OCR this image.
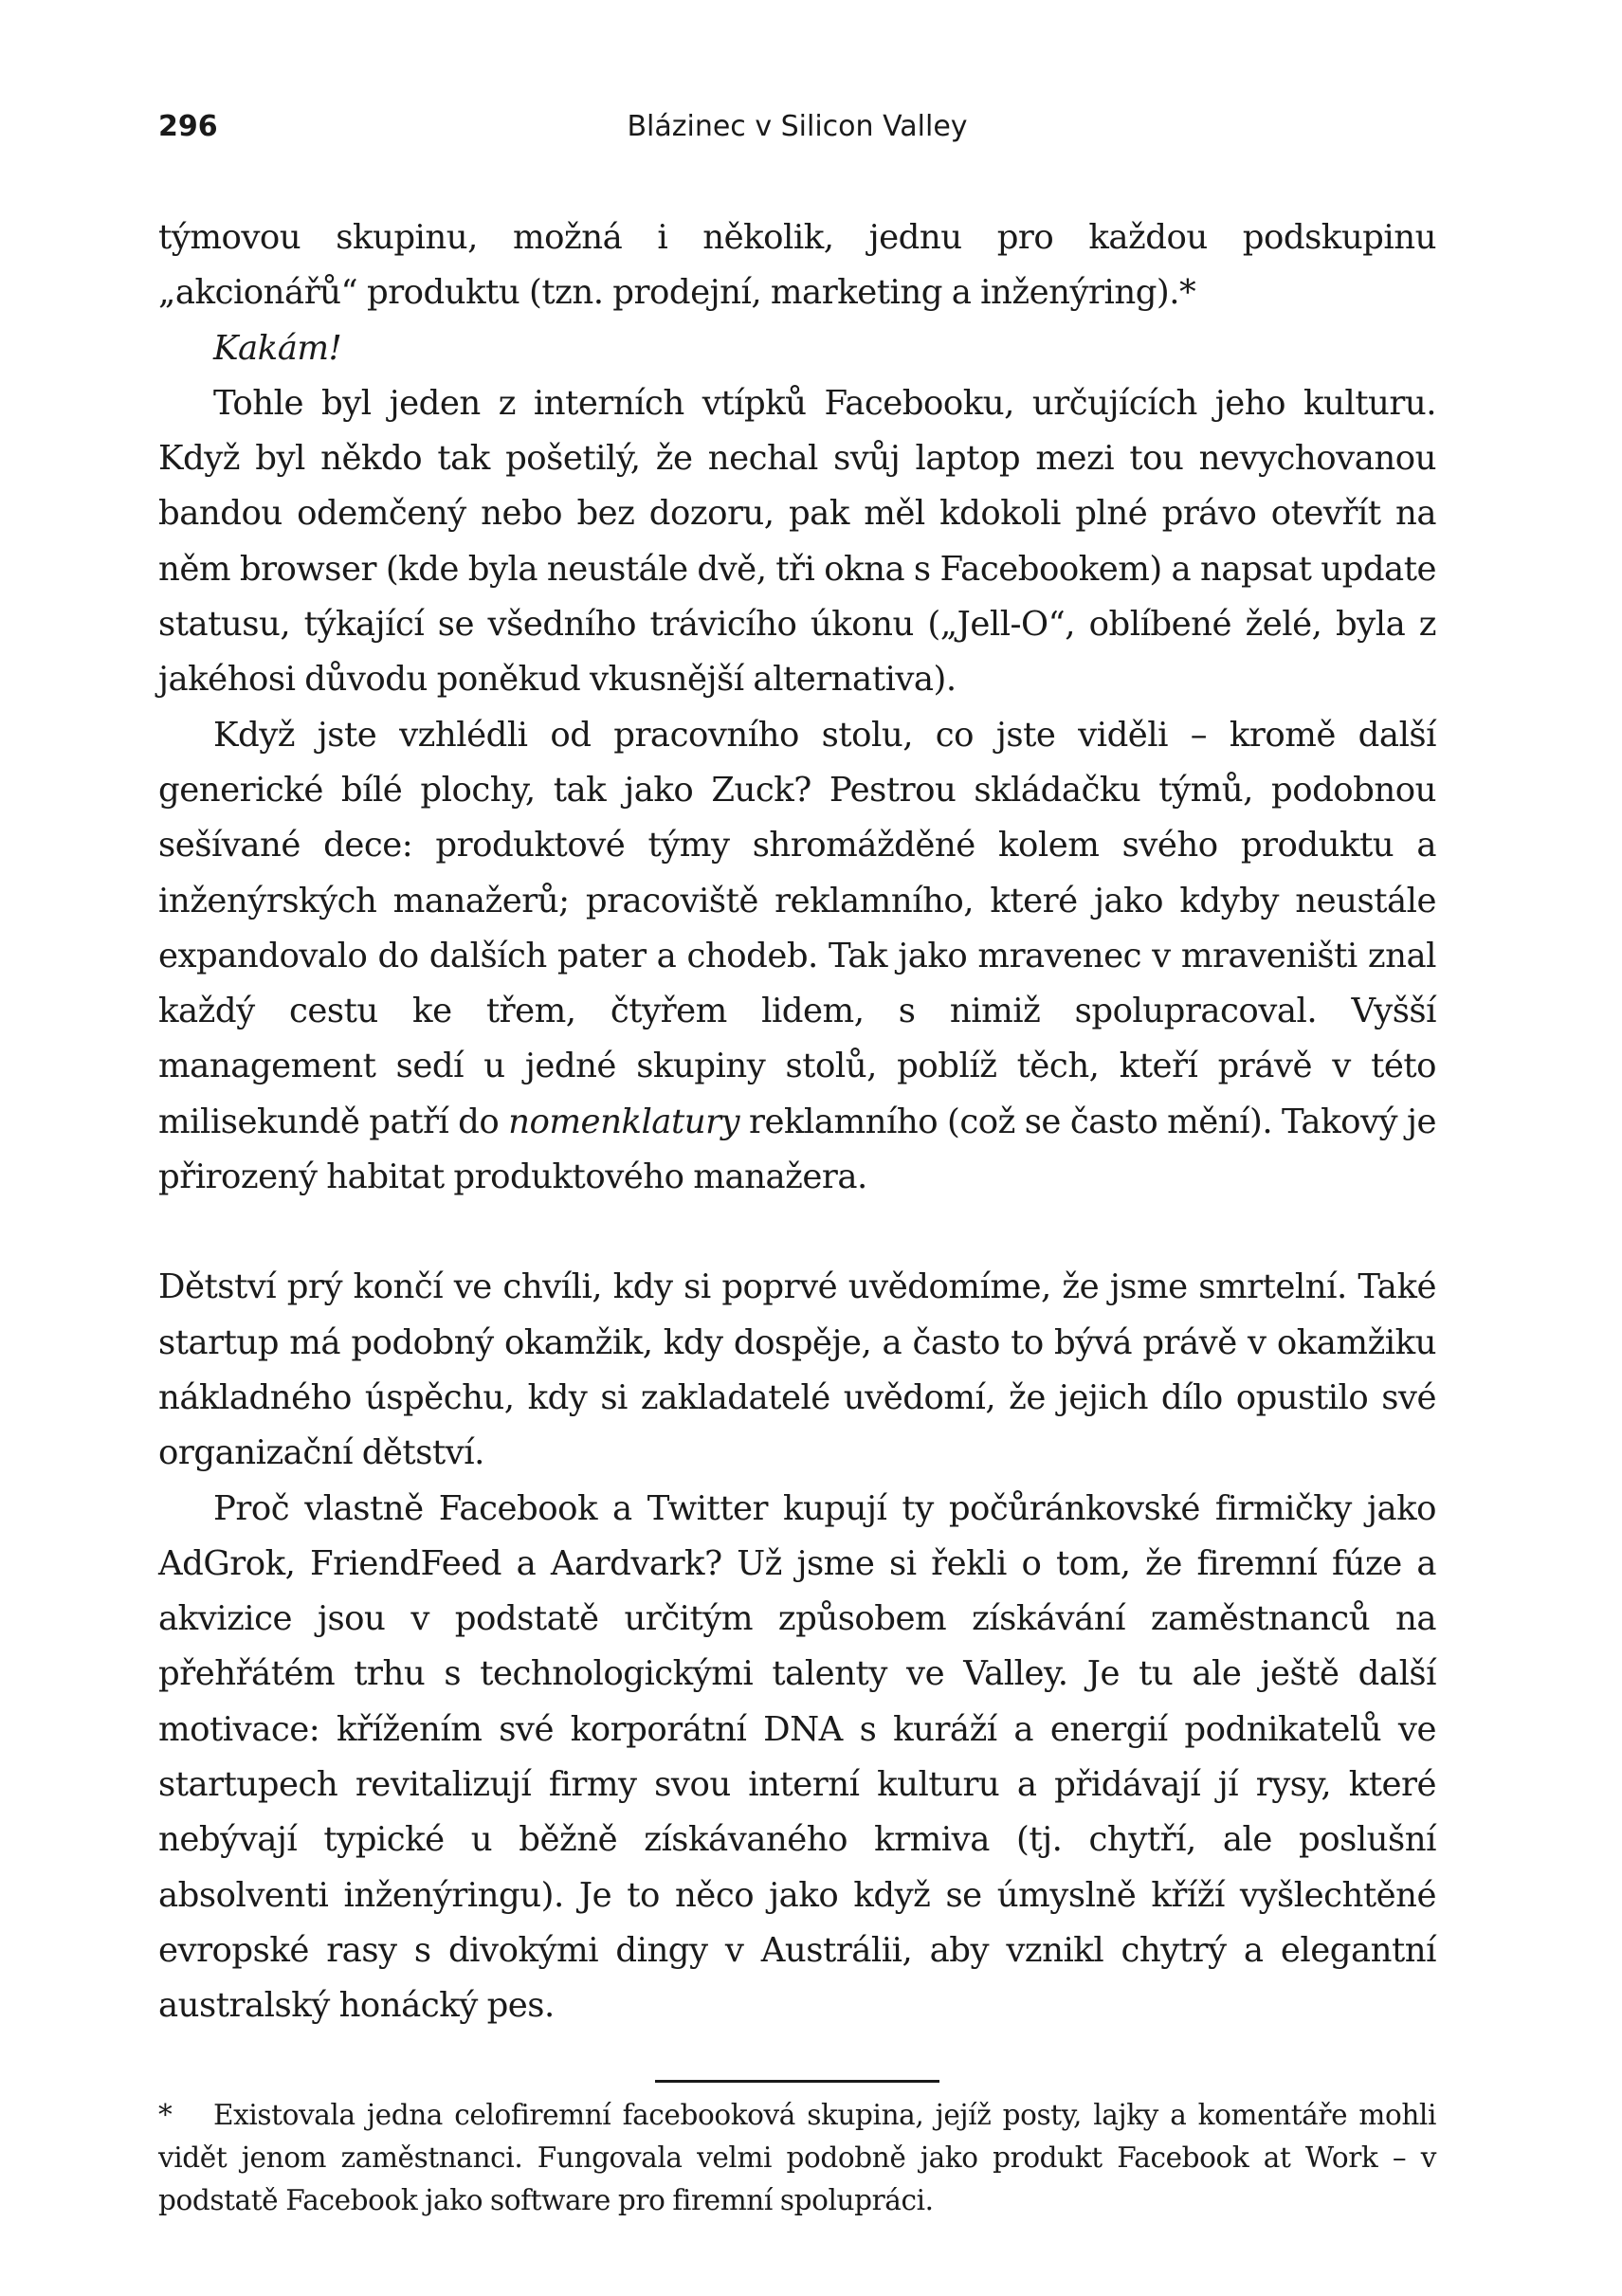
296	Blázinec v Silicon Valley

týmovou skupinu, možná i několik, jednu pro každou podskupinu „akcionářů“ produktu (tzn. prodejní, marketing a inženýring).*

Kakám!

Tohle byl jeden z interních vtípků Facebooku, určujících jeho kulturu. Když byl někdo tak pošetilý, že nechal svůj laptop mezi tou nevychovanou bandou odemčený nebo bez dozoru, pak měl kdokoli plné právo otevřít na něm browser (kde byla neustále dvě, tři okna s Facebookem) a napsat update statusu, týkající se všedního trávicího úkonu („Jell-O“, oblíbené želé, byla z jakéhosi důvodu poněkud vkusnější alternativa).

Když jste vzhlédli od pracovního stolu, co jste viděli – kromě další generické bílé plochy, tak jako Zuck? Pestrou skládačku týmů, podobnou sešívané dece: produktové týmy shromážděné kolem svého produktu a inženýrských manažerů; pracoviště reklamního, které jako kdyby neustále expandovalo do dalších pater a chodeb. Tak jako mravenec v mraveništi znal každý cestu ke třem, čtyřem lidem, s nimiž spolupracoval. Vyšší management sedí u jedné skupiny stolů, poblíž těch, kteří právě v této milisekundě patří do nomenklatury reklamního (což se často mění). Takový je přirozený habitat produktového manažera.

Dětství prý končí ve chvíli, kdy si poprvé uvědomíme, že jsme smrtelní. Také startup má podobný okamžik, kdy dospěje, a často to bývá právě v okamžiku nákladného úspěchu, kdy si zakladatelé uvědomí, že jejich dílo opustilo své organizační dětství.

Proč vlastně Facebook a Twitter kupují ty počůránkovské firmičky jako AdGrok, FriendFeed a Aardvark? Už jsme si řekli o tom, že firemní fúze a akvizice jsou v podstatě určitým způsobem získávání zaměstnanců na přehřátém trhu s technologickými talenty ve Valley. Je tu ale ještě další motivace: křížením své korporátní DNA s kuráží a energií podnikatelů ve startupech revitalizují firmy svou interní kulturu a přidávají jí rysy, které nebývají typické u běžně získávaného krmiva (tj. chytří, ale poslušní absolventi inženýringu). Je to něco jako když se úmyslně kříží vyšlechtěné evropské rasy s divokými dingy v Austrálii, aby vznikl chytrý a elegantní australský honácký pes.

* Existovala jedna celofiremní facebooková skupina, jejíž posty, lajky a komentáře mohli vidět jenom zaměstnanci. Fungovala velmi podobně jako produkt Facebook at Work – v podstatě Facebook jako software pro firemní spolupráci.
